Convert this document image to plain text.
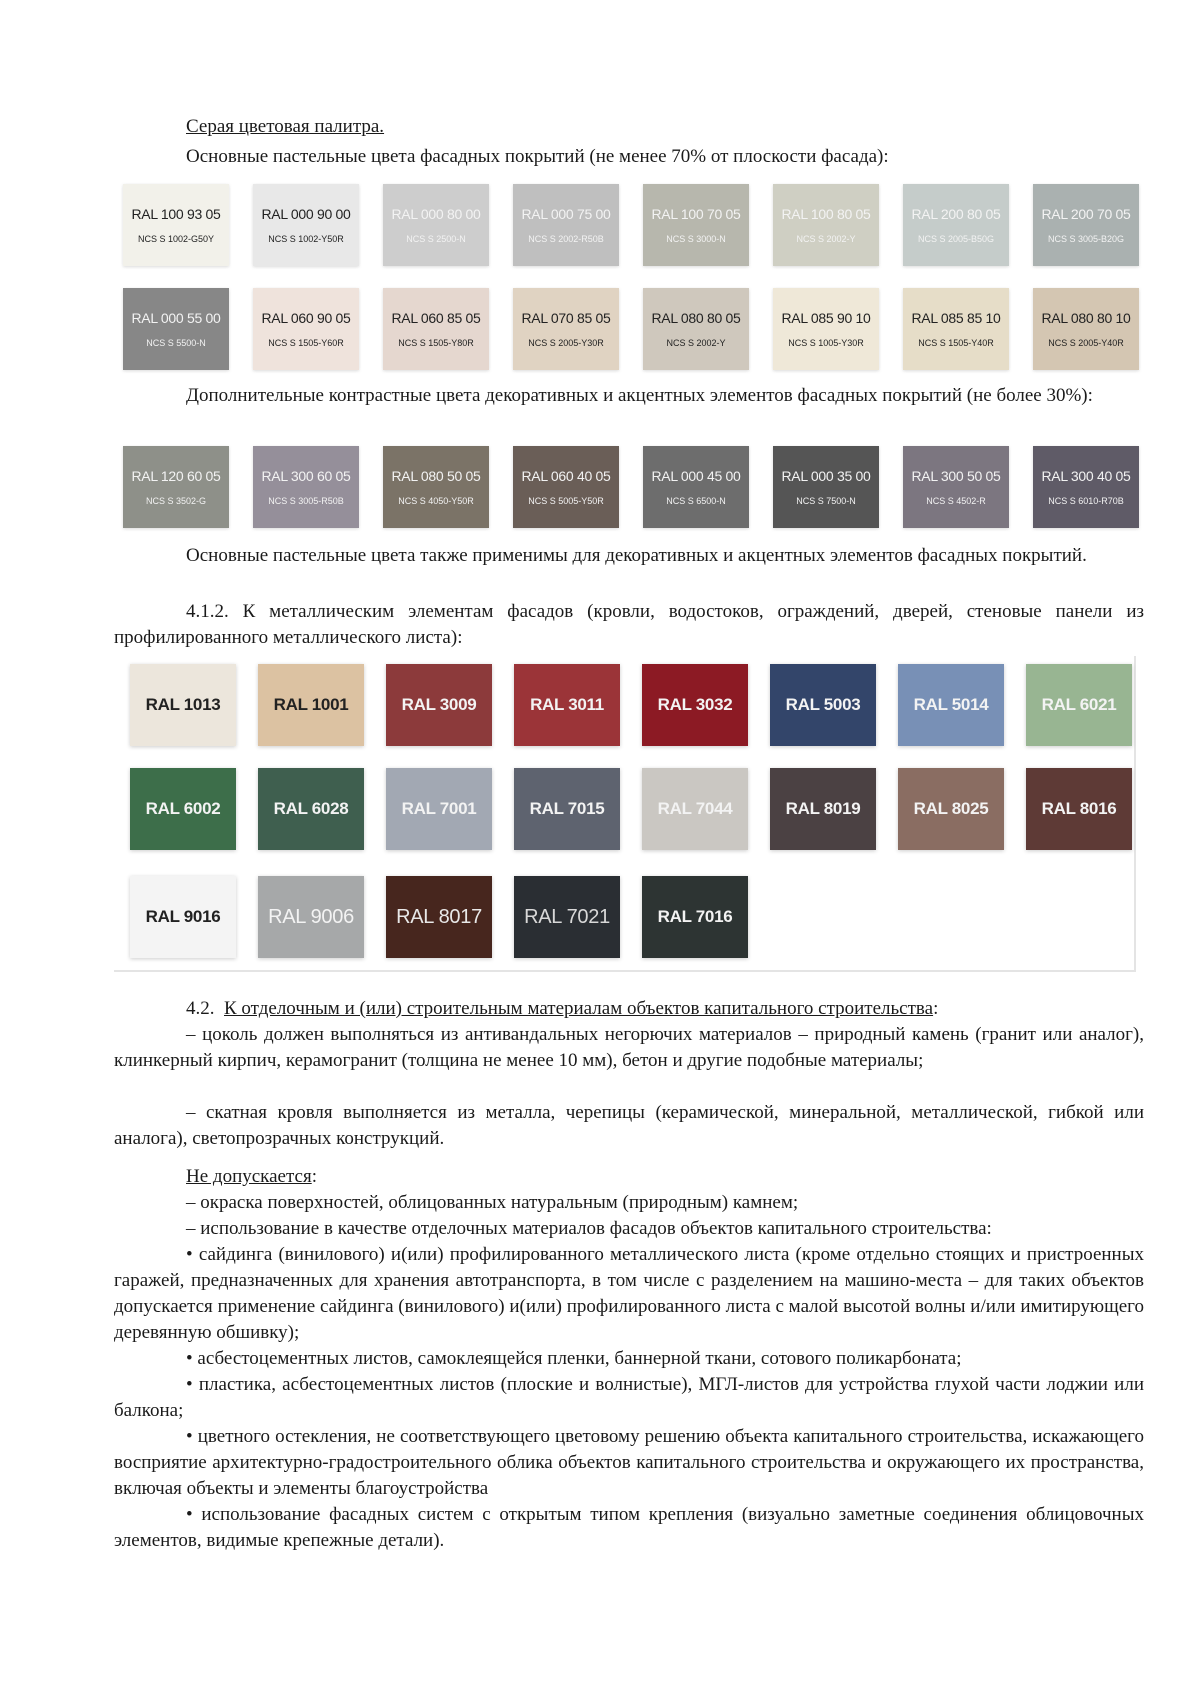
Серая цветовая палитра.

Основные пастельные цвета фасадных покрытий (не менее 70% от плоскости фасада):

RAL 100 93 05
NCS S 1002-G50Y
RAL 000 90 00
NCS S 1002-Y50R
RAL 000 80 00
NCS S 2500-N
RAL 000 75 00
NCS S 2002-R50B
RAL 100 70 05
NCS S 3000-N
RAL 100 80 05
NCS S 2002-Y
RAL 200 80 05
NCS S 2005-B50G
RAL 200 70 05
NCS S 3005-B20G
RAL 000 55 00
NCS S 5500-N
RAL 060 90 05
NCS S 1505-Y60R
RAL 060 85 05
NCS S 1505-Y80R
RAL 070 85 05
NCS S 2005-Y30R
RAL 080 80 05
NCS S 2002-Y
RAL 085 90 10
NCS S 1005-Y30R
RAL 085 85 10
NCS S 1505-Y40R
RAL 080 80 10
NCS S 2005-Y40R

Дополнительные контрастные цвета декоративных и акцентных элементов фасадных покрытий (не более 30%):

RAL 120 60 05
NCS S 3502-G
RAL 300 60 05
NCS S 3005-R50B
RAL 080 50 05
NCS S 4050-Y50R
RAL 060 40 05
NCS S 5005-Y50R
RAL 000 45 00
NCS S 6500-N
RAL 000 35 00
NCS S 7500-N
RAL 300 50 05
NCS S 4502-R
RAL 300 40 05
NCS S 6010-R70B

Основные пастельные цвета также применимы для декоративных и акцентных элементов фасадных покрытий.

4.1.2. К металлическим элементам фасадов (кровли, водостоков, ограждений, дверей, стеновые панели из профилированного металлического листа):

RAL 1013	RAL 1001	RAL 3009	RAL 3011	RAL 3032	RAL 5003	RAL 5014	RAL 6021
RAL 6002	RAL 6028	RAL 7001	RAL 7015	RAL 7044	RAL 8019	RAL 8025	RAL 8016
RAL 9016	RAL 9006	RAL 8017	RAL 7021	RAL 7016

4.2. К отделочным и (или) строительным материалам объектов капитального строительства:

– цоколь должен выполняться из антивандальных негорючих материалов – природный камень (гранит или аналог), клинкерный кирпич, керамогранит (толщина не менее 10 мм), бетон и другие подобные материалы;

– скатная кровля выполняется из металла, черепицы (керамической, минеральной, металлической, гибкой или аналога), светопрозрачных конструкций.

Не допускается:

– окраска поверхностей, облицованных натуральным (природным) камнем;

– использование в качестве отделочных материалов фасадов объектов капитального строительства:

• сайдинга (винилового) и(или) профилированного металлического листа (кроме отдельно стоящих и пристроенных гаражей, предназначенных для хранения автотранспорта, в том числе с разделением на машино-места – для таких объектов допускается применение сайдинга (винилового) и(или) профилированного листа с малой высотой волны и/или имитирующего деревянную обшивку);

• асбестоцементных листов, самоклеящейся пленки, баннерной ткани, сотового поликарбоната;

• пластика, асбестоцементных листов (плоские и волнистые), МГЛ-листов для устройства глухой части лоджии или балкона;

• цветного остекления, не соответствующего цветовому решению объекта капитального строительства, искажающего восприятие архитектурно-градостроительного облика объектов капитального строительства и окружающего их пространства, включая объекты и элементы благоустройства

• использование фасадных систем с открытым типом крепления (визуально заметные соединения облицовочных элементов, видимые крепежные детали).
